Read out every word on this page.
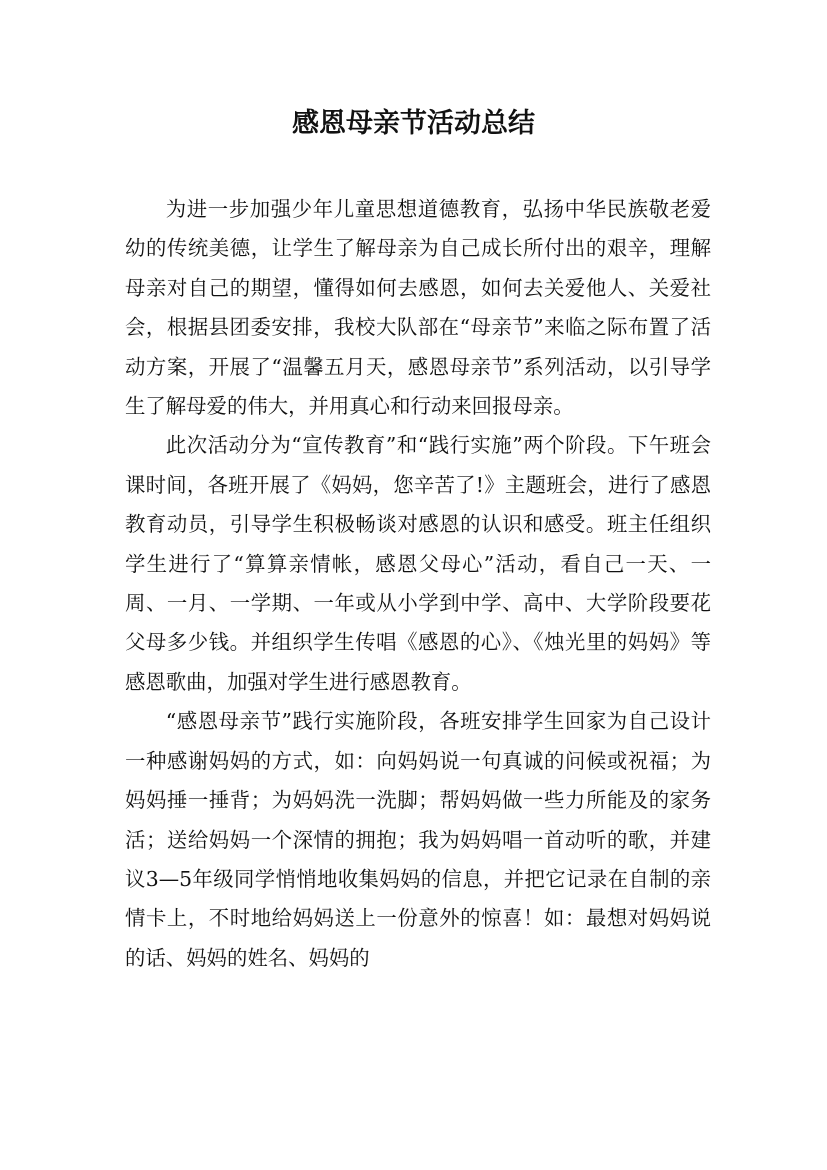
感恩母亲节活动总结

为进一步加强少年儿童思想道德教育，弘扬中华民族敬老爱幼的传统美德，让学生了解母亲为自己成长所付出的艰辛，理解母亲对自己的期望，懂得如何去感恩，如何去关爱他人、关爱社会，根据县团委安排，我校大队部在“母亲节”来临之际布置了活动方案，开展了“温馨五月天，感恩母亲节”系列活动，以引导学生了解母爱的伟大，并用真心和行动来回报母亲。

此次活动分为“宣传教育”和“践行实施”两个阶段。下午班会课时间，各班开展了《妈妈，您辛苦了!》主题班会，进行了感恩教育动员，引导学生积极畅谈对感恩的认识和感受。班主任组织学生进行了“算算亲情帐，感恩父母心”活动，看自己一天、一周、一月、一学期、一年或从小学到中学、高中、大学阶段要花父母多少钱。并组织学生传唱《感恩的心》、《烛光里的妈妈》等感恩歌曲，加强对学生进行感恩教育。

“感恩母亲节”践行实施阶段，各班安排学生回家为自己设计一种感谢妈妈的方式，如：向妈妈说一句真诚的问候或祝福；为妈妈捶一捶背；为妈妈洗一洗脚；帮妈妈做一些力所能及的家务活；送给妈妈一个深情的拥抱；我为妈妈唱一首动听的歌，并建议3—5年级同学悄悄地收集妈妈的信息，并把它记录在自制的亲情卡上，不时地给妈妈送上一份意外的惊喜！如：最想对妈妈说的话、妈妈的姓名、妈妈的
